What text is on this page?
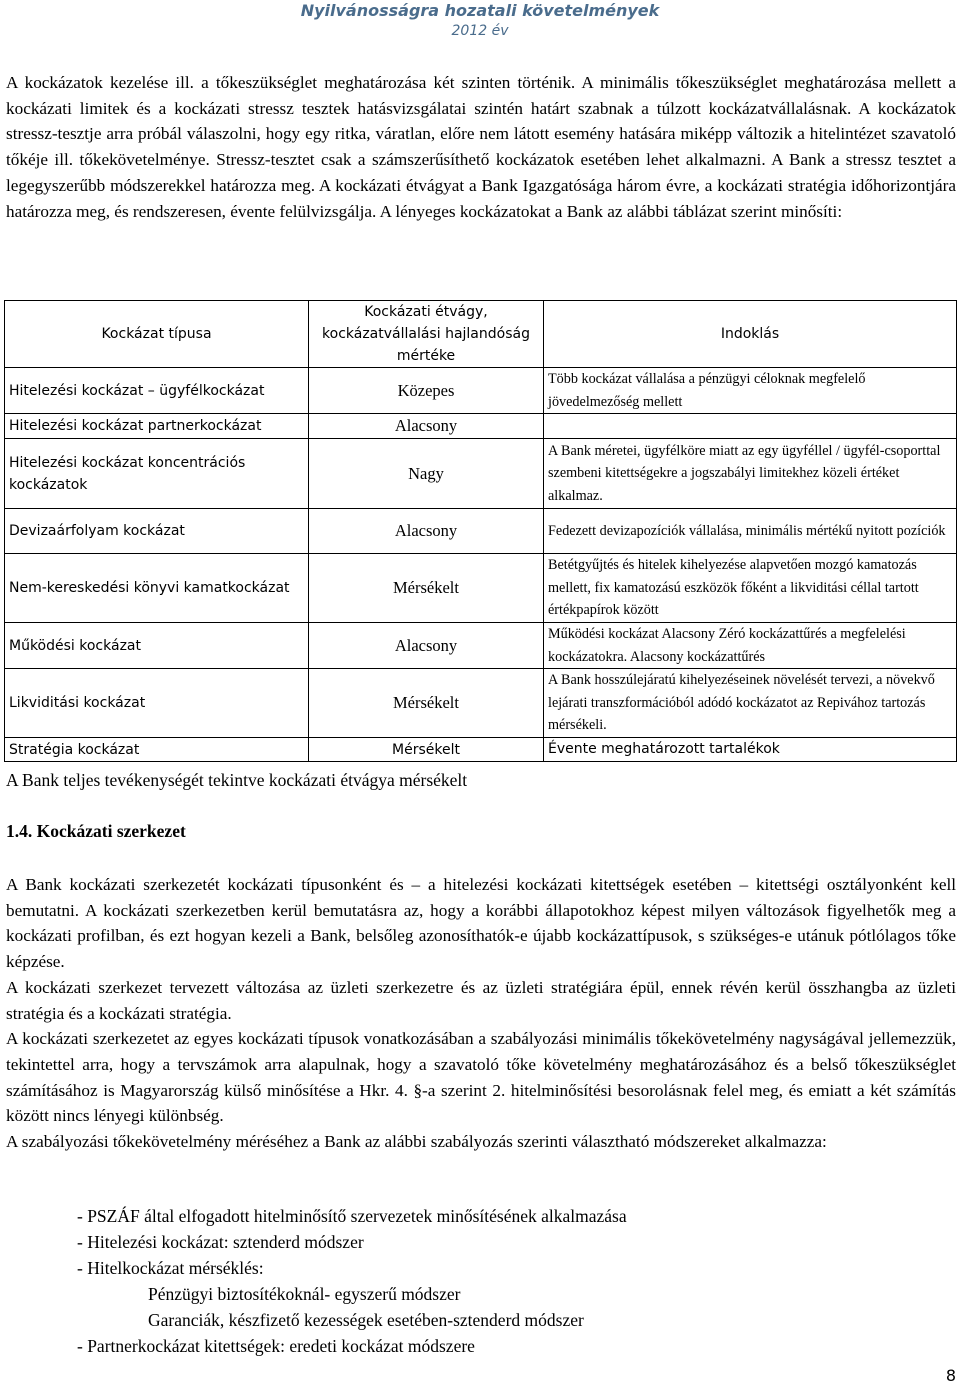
Nyilvánosságra hozatali követelmények
2012 év

A kockázatok kezelése ill. a tőkeszükséglet meghatározása két szinten történik. A minimális tőkeszükséglet meghatározása mellett a kockázati limitek és a kockázati stressz tesztek hatásvizsgálatai szintén határt szabnak a túlzott kockázatvállalásnak. A kockázatok stressz-tesztje arra próbál válaszolni, hogy egy ritka, váratlan, előre nem látott esemény hatására miképp változik a hitelintézet szavatoló tőkéje ill. tőkekövetelménye. Stressz-tesztet csak a számszerűsíthető kockázatok esetében lehet alkalmazni. A Bank a stressz tesztet a legegyszerűbb módszerekkel határozza meg. A kockázati étvágyat a Bank Igazgatósága három évre, a kockázati stratégia időhorizontjára határozza meg, és rendszeresen, évente felülvizsgálja. A lényeges kockázatokat a Bank az alábbi táblázat szerint minősíti:

Kockázat típusa	Kockázati étvágy, kockázatvállalási hajlandóság mértéke	Indoklás
Hitelezési kockázat – ügyfélkockázat	Közepes	Több kockázat vállalása a pénzügyi céloknak megfelelő jövedelmezőség mellett
Hitelezési kockázat partnerkockázat	Alacsony	
Hitelezési kockázat koncentrációs kockázatok	Nagy	A Bank méretei, ügyfélköre miatt az egy ügyféllel / ügyfél-csoporttal szembeni kitettségekre a jogszabályi limitekhez közeli értéket alkalmaz.
Devizaárfolyam kockázat	Alacsony	Fedezett devizapozíciók vállalása, minimális mértékű nyitott pozíciók
Nem-kereskedési könyvi kamatkockázat	Mérsékelt	Betétgyűjtés és hitelek kihelyezése alapvetően mozgó kamatozás mellett, fix kamatozású eszközök főként a likviditási céllal tartott értékpapírok között
Működési kockázat	Alacsony	Működési kockázat Alacsony Zéró kockázattűrés a megfelelési kockázatokra. Alacsony kockázattűrés
Likviditási kockázat	Mérsékelt	A Bank hosszúlejáratú kihelyezéseinek növelését tervezi, a növekvő lejárati transzformációból adódó kockázatot az Repivához tartozás mérsékeli.
Stratégia kockázat	Mérsékelt	Évente meghatározott tartalékok

A Bank teljes tevékenységét tekintve kockázati étvágya mérsékelt

1.4. Kockázati szerkezet

A Bank kockázati szerkezetét kockázati típusonként és – a hitelezési kockázati kitettségek esetében – kitettségi osztályonként kell bemutatni. A kockázati szerkezetben kerül bemutatásra az, hogy a korábbi állapotokhoz képest milyen változások figyelhetők meg a kockázati profilban, és ezt hogyan kezeli a Bank, belsőleg azonosíthatók-e újabb kockázattípusok, s szükséges-e utánuk pótlólagos tőke képzése.
A kockázati szerkezet tervezett változása az üzleti szerkezetre és az üzleti stratégiára épül, ennek révén kerül összhangba az üzleti stratégia és a kockázati stratégia.
A kockázati szerkezetet az egyes kockázati típusok vonatkozásában a szabályozási minimális tőkekövetelmény nagyságával jellemezzük, tekintettel arra, hogy a tervszámok arra alapulnak, hogy a szavatoló tőke követelmény meghatározásához és a belső tőkeszükséglet számításához is Magyarország külső minősítése a Hkr. 4. §-a szerint 2. hitelminősítési besorolásnak felel meg, és emiatt a két számítás között nincs lényegi különbség.
A szabályozási tőkekövetelmény méréséhez a Bank az alábbi szabályozás szerinti választható módszereket alkalmazza:

- PSZÁF által elfogadott hitelminősítő szervezetek minősítésének alkalmazása

- Hitelezési kockázat: sztenderd módszer

- Hitelkockázat mérséklés:

Pénzügyi biztosítékoknál- egyszerű módszer

Garanciák, készfizető kezességek esetében-sztenderd módszer

- Partnerkockázat kitettségek: eredeti kockázat módszere

8
